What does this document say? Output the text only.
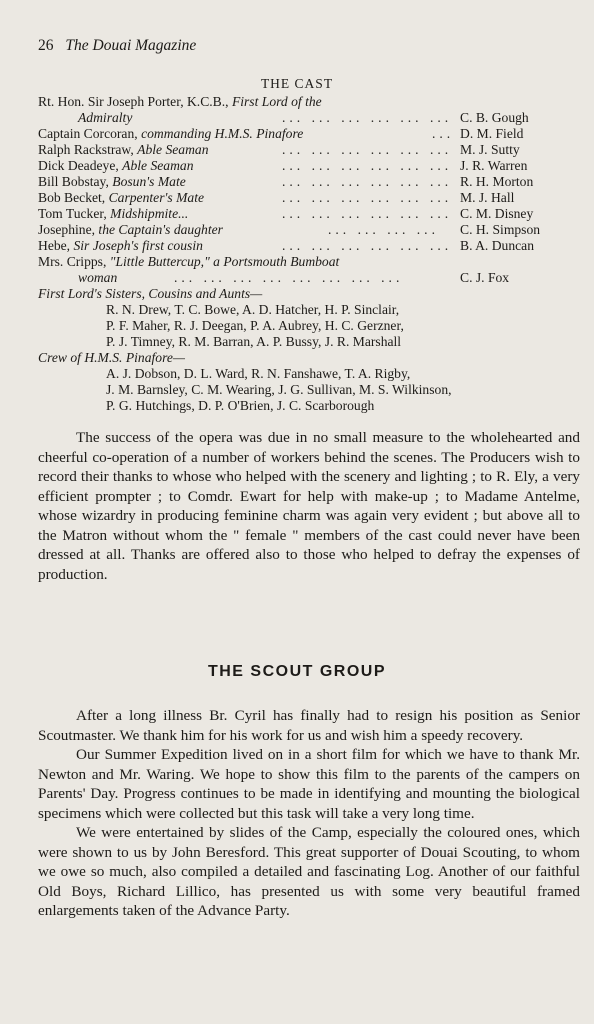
26 The Douai Magazine
THE CAST
Rt. Hon. Sir Joseph Porter, K.C.B., First Lord of the
Admiralty	... ... ... ... ... ... C. B. Gough
Captain Corcoran, commanding H.M.S. Pinafore	... D. M. Field
Ralph Rackstraw, Able Seaman	... ... ... ... ... ... M. J. Sutty
Dick Deadeye, Able Seaman	... ... ... ... ... ... J. R. Warren
Bill Bobstay, Bosun's Mate	... ... ... ... ... ... R. H. Morton
Bob Becket, Carpenter's Mate	... ... ... ... ... ... M. J. Hall
Tom Tucker, Midshipmite...	... ... ... ... ... ... C. M. Disney
Josephine, the Captain's daughter	... ... ... ... C. H. Simpson
Hebe, Sir Joseph's first cousin	... ... ... ... ... ... B. A. Duncan
Mrs. Cripps, "Little Buttercup," a Portsmouth Bumboat
woman	... ... ... ... ... ... ... ...	C. J. Fox
First Lord's Sisters, Cousins and Aunts—
R. N. Drew, T. C. Bowe, A. D. Hatcher, H. P. Sinclair,
P. F. Maher, R. J. Deegan, P. A. Aubrey, H. C. Gerzner,
P. J. Timney, R. M. Barran, A. P. Bussy, J. R. Marshall
Crew of H.M.S. Pinafore—
A. J. Dobson, D. L. Ward, R. N. Fanshawe, T. A. Rigby,
J. M. Barnsley, C. M. Wearing, J. G. Sullivan, M. S. Wilkinson,
P. G. Hutchings, D. P. O'Brien, J. C. Scarborough

The success of the opera was due in no small measure to the wholehearted and cheerful co-operation of a number of workers behind the scenes. The Producers wish to record their thanks to whose who helped with the scenery and lighting ; to R. Ely, a very efficient prompter ; to Comdr. Ewart for help with make-up ; to Madame Antelme, whose wizardry in producing feminine charm was again very evident ; but above all to the Matron without whom the " female " members of the cast could never have been dressed at all. Thanks are offered also to those who helped to defray the expenses of production.

THE SCOUT GROUP

After a long illness Br. Cyril has finally had to resign his position as Senior Scoutmaster. We thank him for his work for us and wish him a speedy recovery.

Our Summer Expedition lived on in a short film for which we have to thank Mr. Newton and Mr. Waring. We hope to show this film to the parents of the campers on Parents' Day. Progress continues to be made in identifying and mounting the biological specimens which were collected but this task will take a very long time.

We were entertained by slides of the Camp, especially the coloured ones, which were shown to us by John Beresford. This great supporter of Douai Scouting, to whom we owe so much, also compiled a detailed and fascinating Log. Another of our faithful Old Boys, Richard Lillico, has presented us with some very beautiful framed enlargements taken of the Advance Party.
